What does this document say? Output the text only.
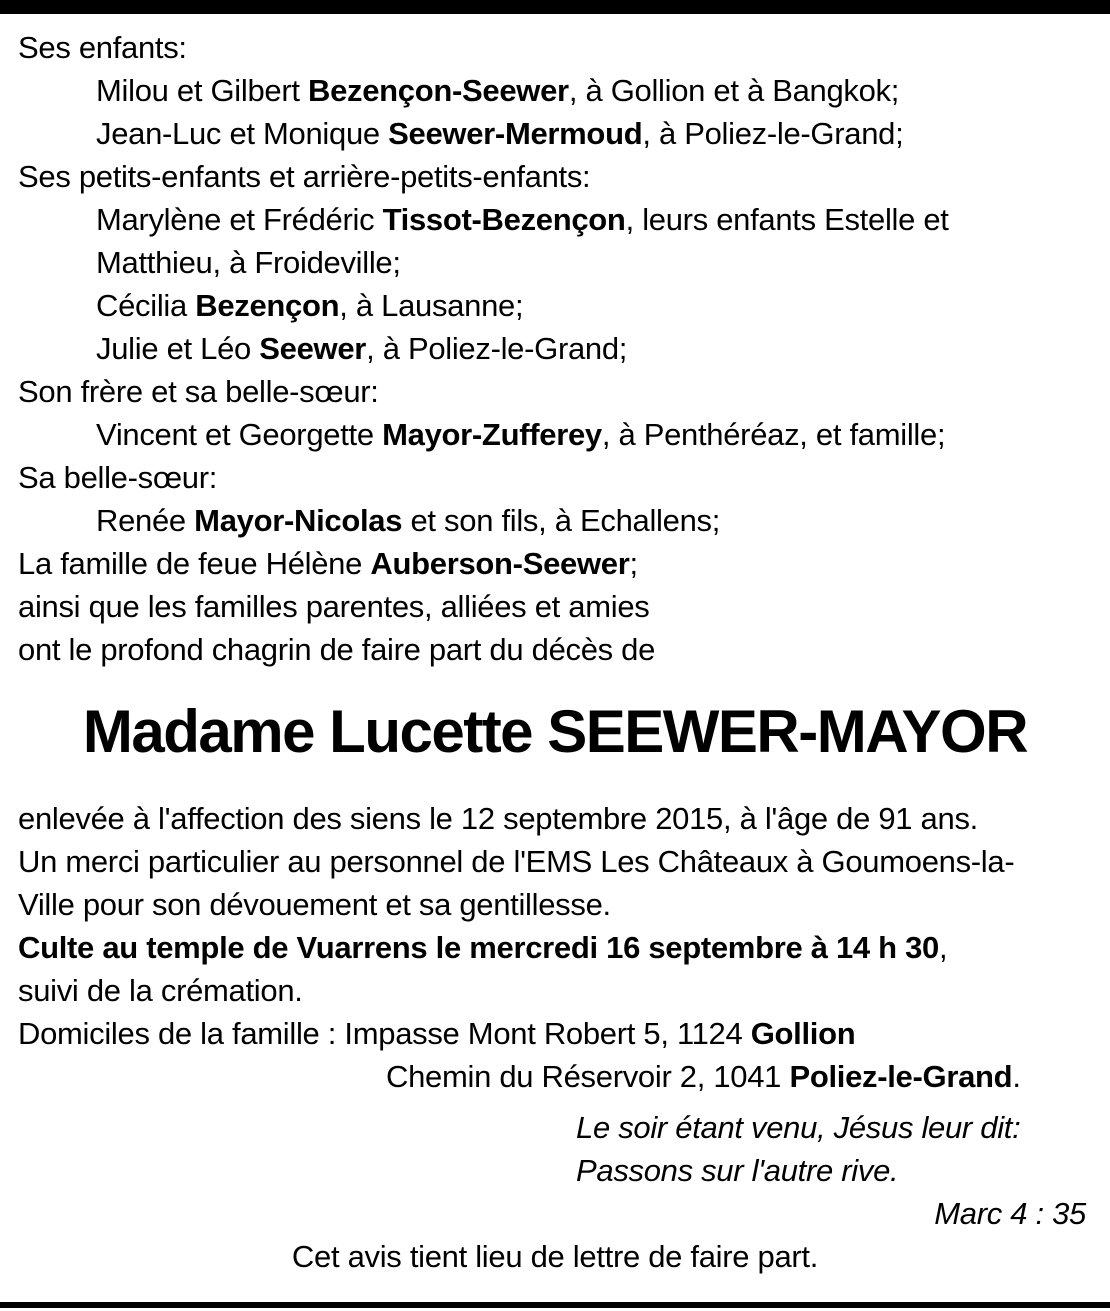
Ses enfants:
Milou et Gilbert Bezençon-Seewer, à Gollion et à Bangkok;
Jean-Luc et Monique Seewer-Mermoud, à Poliez-le-Grand;
Ses petits-enfants et arrière-petits-enfants:
Marylène et Frédéric Tissot-Bezençon, leurs enfants Estelle et
Matthieu, à Froideville;
Cécilia Bezençon, à Lausanne;
Julie et Léo Seewer, à Poliez-le-Grand;
Son frère et sa belle-sœur:
Vincent et Georgette Mayor-Zufferey, à Penthéréaz, et famille;
Sa belle-sœur:
Renée Mayor-Nicolas et son fils, à Echallens;
La famille de feue Hélène Auberson-Seewer;
ainsi que les familles parentes, alliées et amies
ont le profond chagrin de faire part du décès de
Madame Lucette SEEWER-MAYOR
enlevée à l'affection des siens le 12 septembre 2015, à l'âge de 91 ans.
Un merci particulier au personnel de l'EMS Les Châteaux à Goumoens-la-
Ville pour son dévouement et sa gentillesse.
Culte au temple de Vuarrens le mercredi 16 septembre à 14 h 30,
suivi de la crémation.
Domiciles de la famille : Impasse Mont Robert 5, 1124 Gollion
Chemin du Réservoir 2, 1041 Poliez-le-Grand.
Le soir étant venu, Jésus leur dit:
Passons sur l'autre rive.
Marc 4 : 35
Cet avis tient lieu de lettre de faire part.
